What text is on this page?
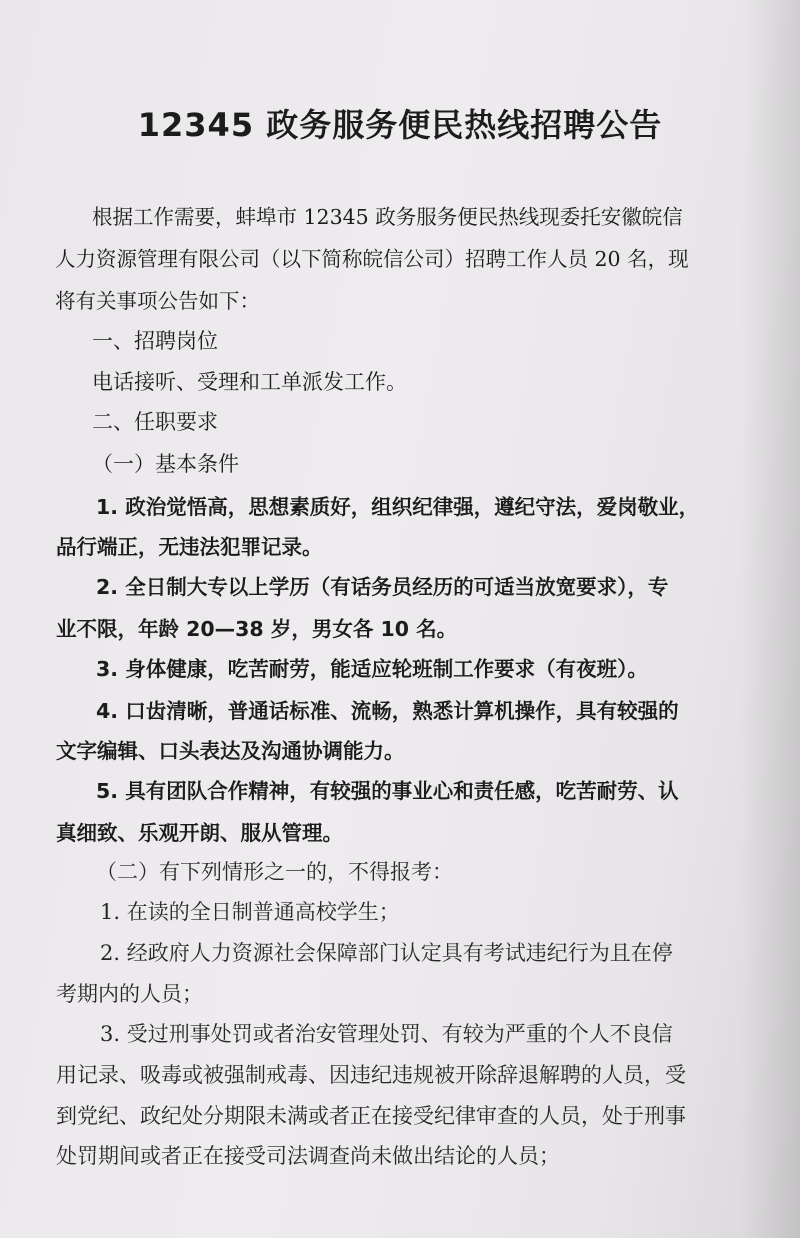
12345 政务服务便民热线招聘公告
根据工作需要，蚌埠市 12345 政务服务便民热线现委托安徽皖信
人力资源管理有限公司（以下简称皖信公司）招聘工作人员 20 名，现
将有关事项公告如下：
一、招聘岗位
电话接听、受理和工单派发工作。
二、任职要求
（一）基本条件
1. 政治觉悟高，思想素质好，组织纪律强，遵纪守法，爱岗敬业，
品行端正，无违法犯罪记录。
2. 全日制大专以上学历（有话务员经历的可适当放宽要求），专
业不限，年龄 20—38 岁，男女各 10 名。
3. 身体健康，吃苦耐劳，能适应轮班制工作要求（有夜班）。
4. 口齿清晰，普通话标准、流畅，熟悉计算机操作，具有较强的
文字编辑、口头表达及沟通协调能力。
5. 具有团队合作精神，有较强的事业心和责任感，吃苦耐劳、认
真细致、乐观开朗、服从管理。
（二）有下列情形之一的，不得报考：
1. 在读的全日制普通高校学生；
2. 经政府人力资源社会保障部门认定具有考试违纪行为且在停
考期内的人员；
3. 受过刑事处罚或者治安管理处罚、有较为严重的个人不良信
用记录、吸毒或被强制戒毒、因违纪违规被开除辞退解聘的人员，受
到党纪、政纪处分期限未满或者正在接受纪律审查的人员，处于刑事
处罚期间或者正在接受司法调查尚未做出结论的人员；
